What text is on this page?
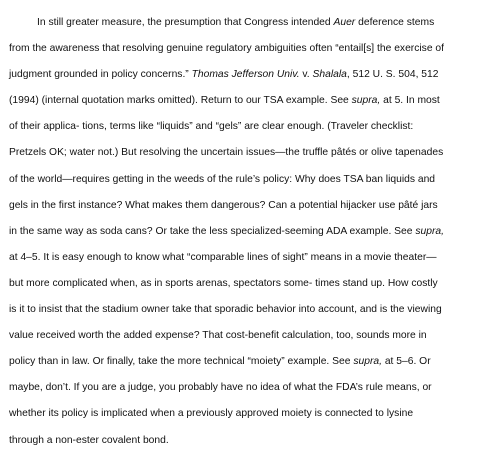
In still greater measure, the presumption that Congress intended Auer deference stems
from the awareness that resolving genuine regulatory ambiguities often “entail[s] the exercise of
judgment grounded in policy concerns.” Thomas Jefferson Univ. v. Shalala, 512 U. S. 504, 512
(1994) (internal quotation marks omitted). Return to our TSA example. See supra, at 5. In most
of their applica- tions, terms like “liquids” and “gels” are clear enough. (Traveler checklist:
Pretzels OK; water not.) But resolving the uncertain issues—the truffle pâtés or olive tapenades
of the world—requires getting in the weeds of the rule’s policy: Why does TSA ban liquids and
gels in the first instance? What makes them dangerous? Can a potential hijacker use pâté jars
in the same way as soda cans? Or take the less specialized-seeming ADA example. See supra,
at 4–5. It is easy enough to know what “comparable lines of sight” means in a movie theater—
but more complicated when, as in sports arenas, spectators some- times stand up. How costly
is it to insist that the stadium owner take that sporadic behavior into account, and is the viewing
value received worth the added expense? That cost-benefit calculation, too, sounds more in
policy than in law. Or finally, take the more technical “moiety” example. See supra, at 5–6. Or
maybe, don’t. If you are a judge, you probably have no idea of what the FDA’s rule means, or
whether its policy is implicated when a previously approved moiety is connected to lysine
through a non-ester covalent bond.
